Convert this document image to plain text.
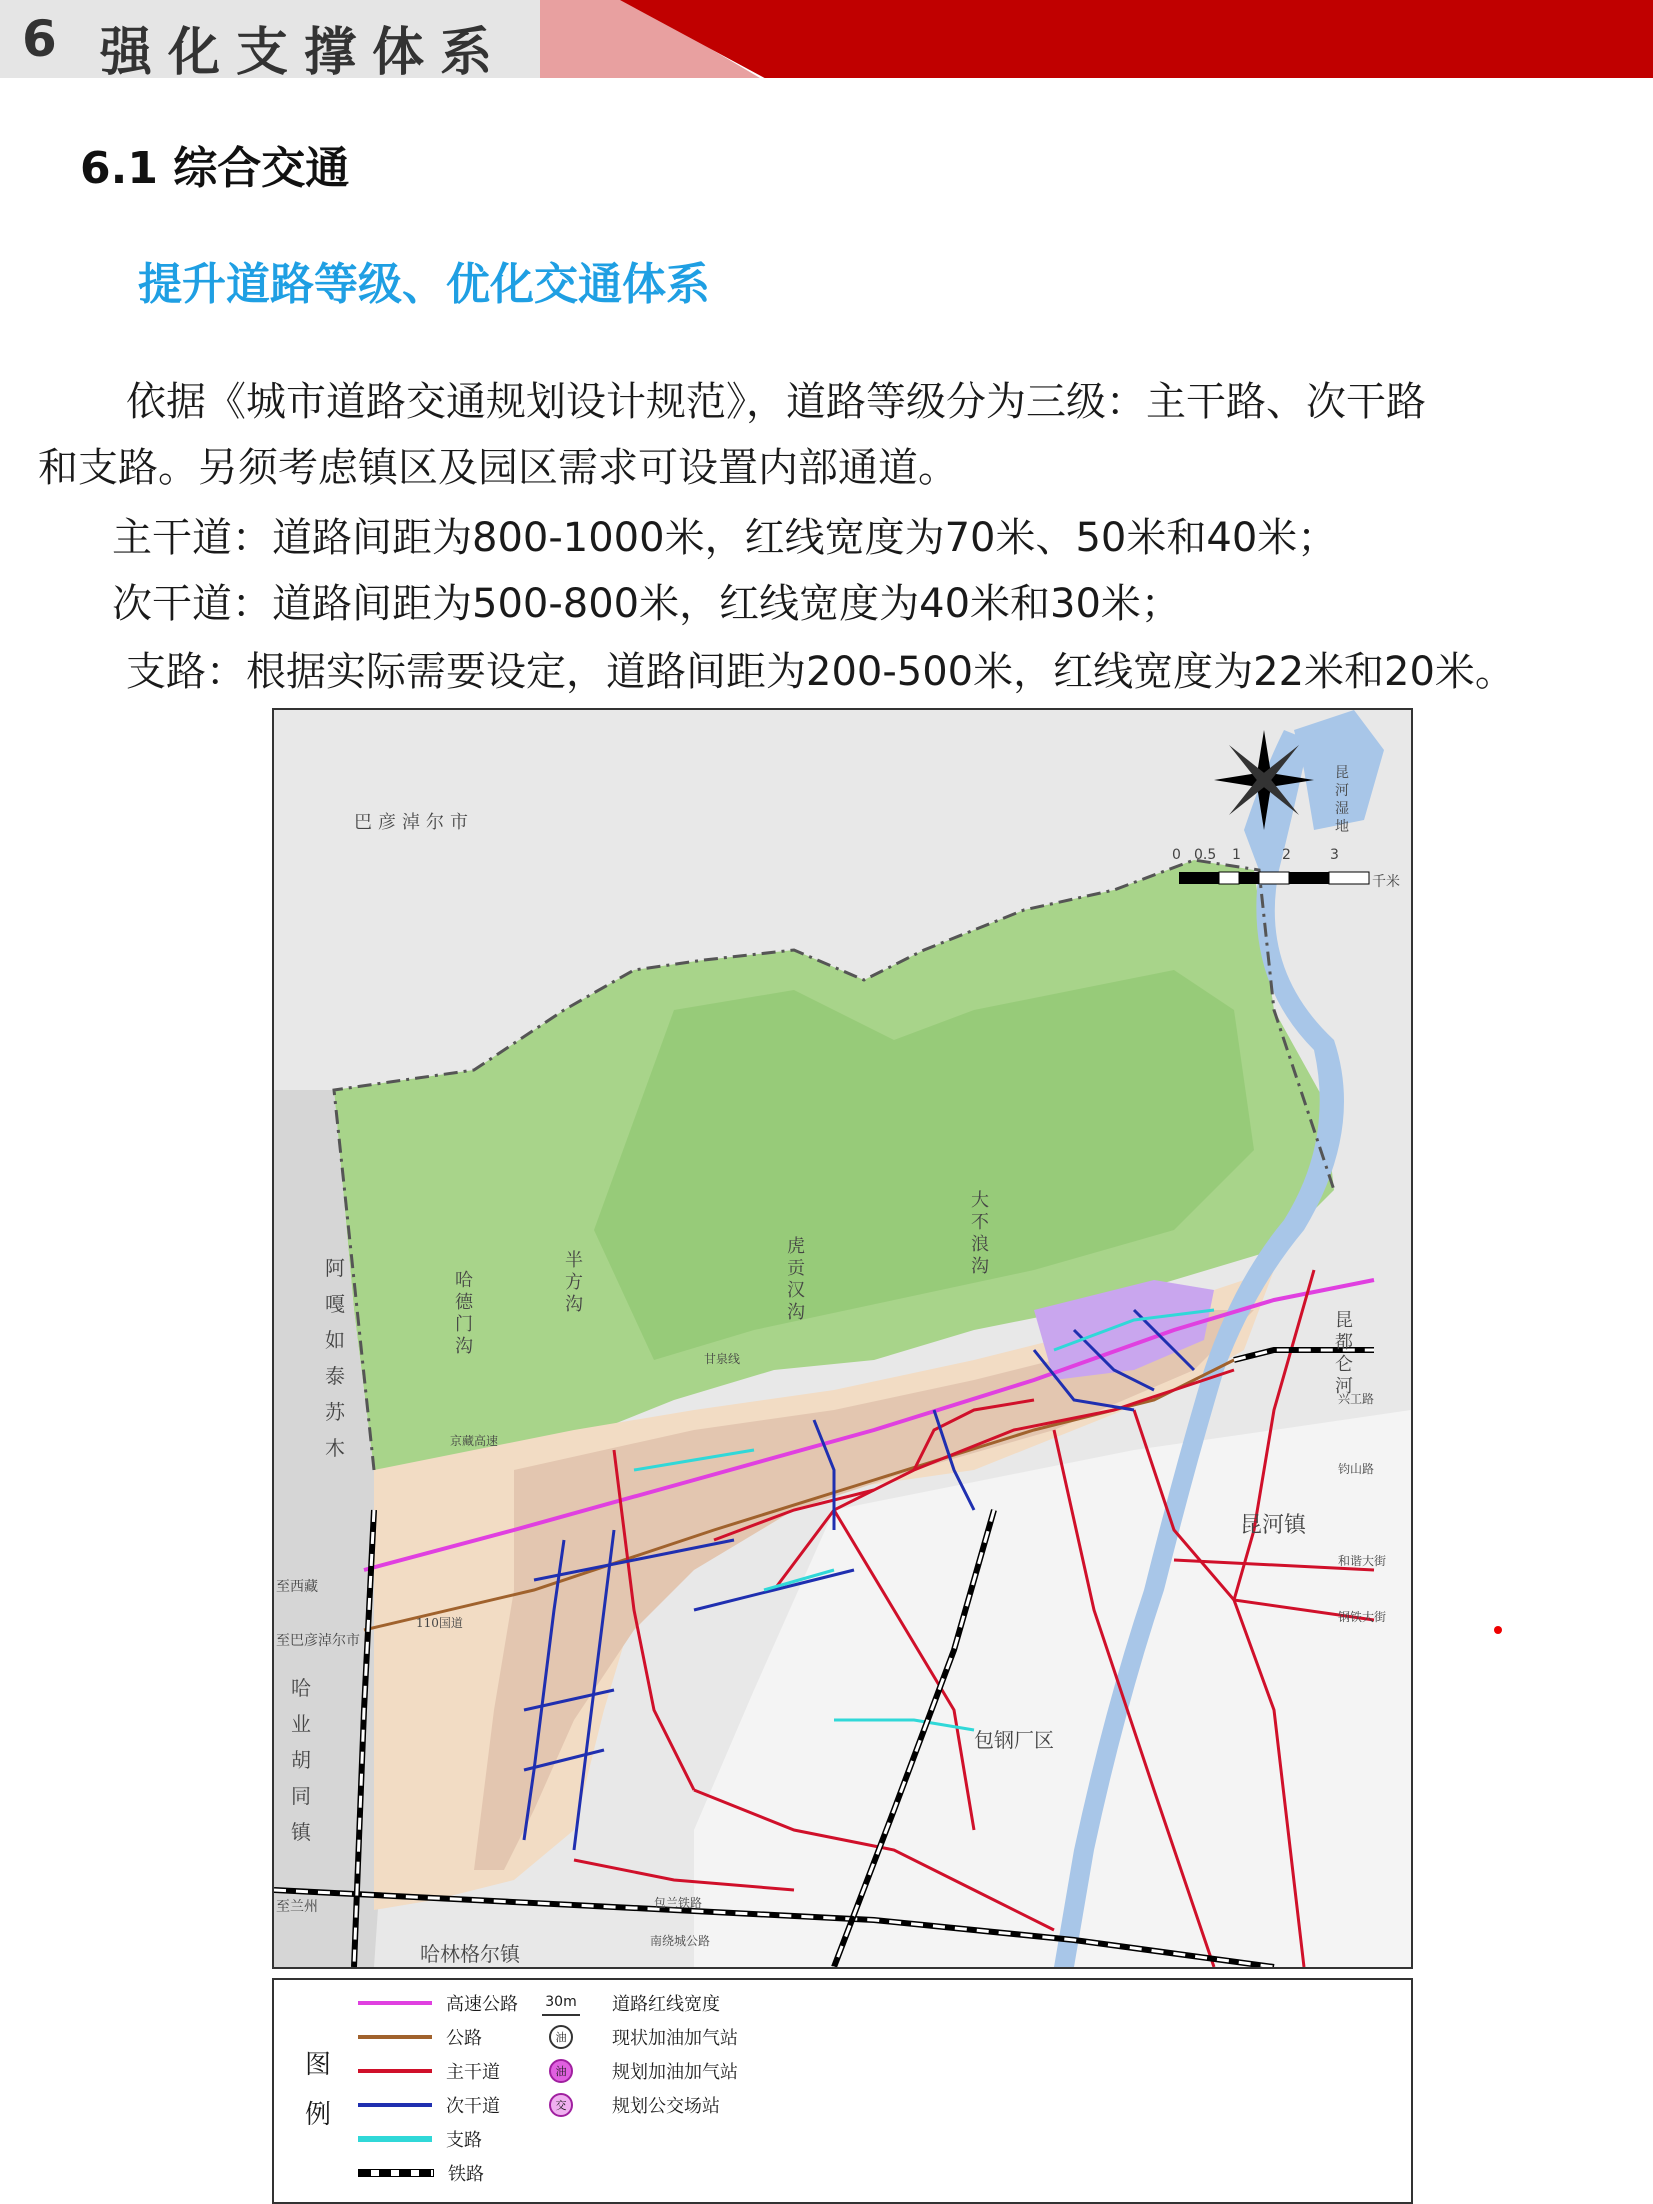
6 强化支撑体系
6.1 综合交通
提升道路等级、优化交通体系
依据《城市道路交通规划设计规范》，道路等级分为三级：主干路、次干路
和支路。另须考虑镇区及园区需求可设置内部通道。
主干道：道路间距为800-1000米，红线宽度为70米、50米和40米；
次干道：道路间距为500-800米，红线宽度为40米和30米；
支路：根据实际需要设定，道路间距为200-500米，红线宽度为22米和20米。
0 0.5 1	2	3
千米
巴彦淖尔市
昆河湿地
阿嘎如泰苏木
哈德门沟
半方沟
虎贡汉沟
大不浪沟
昆都仑河
昆河镇
包钢厂区
哈业胡同镇
哈林格尔镇
至西藏
至巴彦淖尔市
至兰州
110国道
京藏高速
甘泉线
包兰铁路
南绕城公路
兴工路
钧山路
和谐大街
钢铁大街
图例
高速公路
公路
主干道
次干道
支路
铁路
30m 道路红线宽度
油	现状加油加气站
油	规划加油加气站
交	规划公交场站
